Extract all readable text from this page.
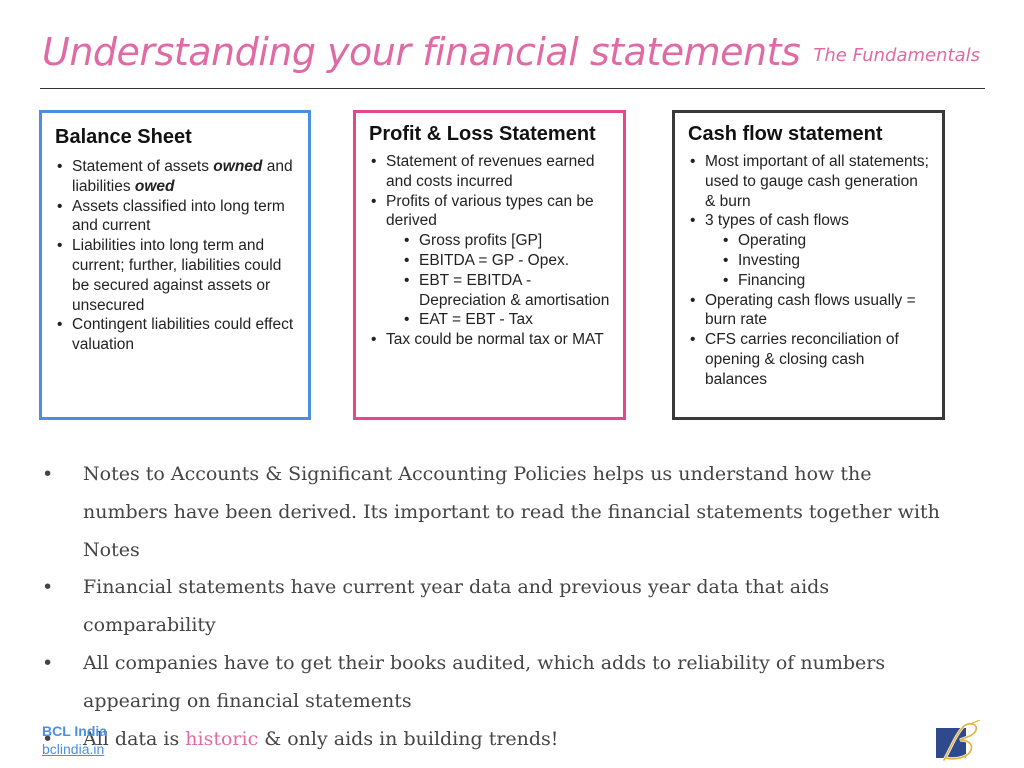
Understanding your financial statements The Fundamentals
Balance Sheet
• Statement of assets owned and liabilities owed
• Assets classified into long term and current
• Liabilities into long term and current; further, liabilities could be secured against assets or unsecured
• Contingent liabilities could effect valuation
Profit & Loss Statement
• Statement of revenues earned and costs incurred
• Profits of various types can be derived
• Gross profits [GP]
• EBITDA = GP - Opex.
• EBT = EBITDA - Depreciation & amortisation
• EAT = EBT - Tax
• Tax could be normal tax or MAT
Cash flow statement
• Most important of all statements; used to gauge cash generation & burn
• 3 types of cash flows
• Operating
• Investing
• Financing
• Operating cash flows usually = burn rate
• CFS carries reconciliation of opening & closing cash balances
• Notes to Accounts & Significant Accounting Policies helps us understand how the numbers have been derived. Its important to read the financial statements together with Notes
• Financial statements have current year data and previous year data that aids comparability
• All companies have to get their books audited, which adds to reliability of numbers appearing on financial statements
• All data is historic & only aids in building trends!
BCL India
bclindia.in
